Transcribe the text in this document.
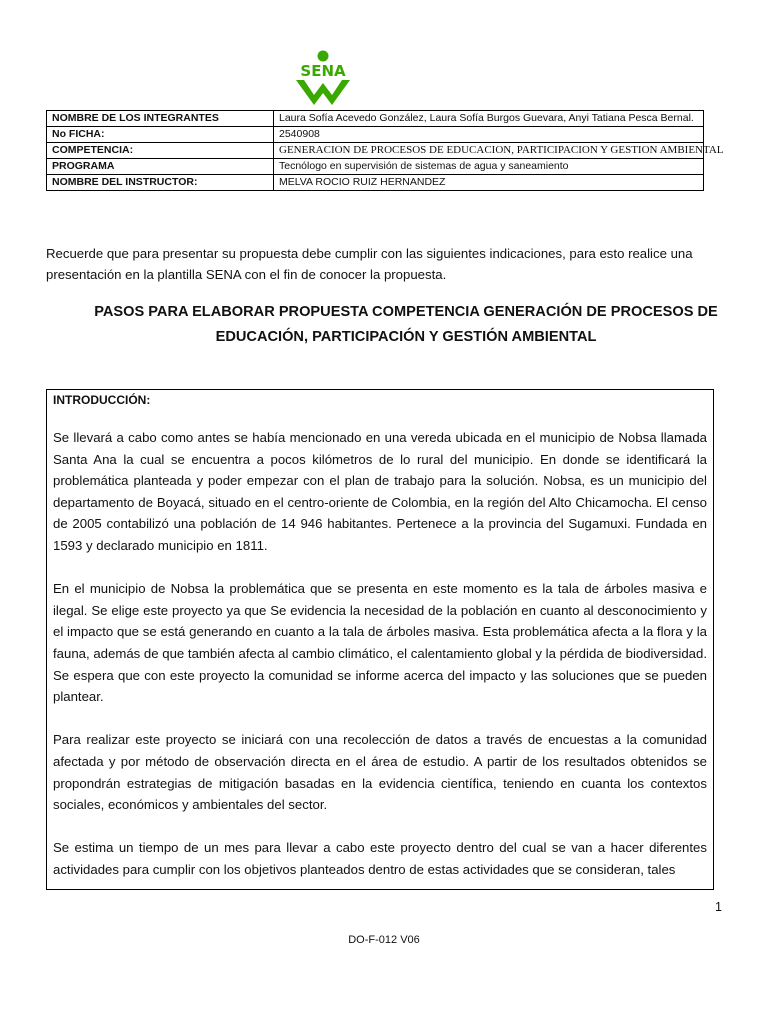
SENA
NOMBRE DE LOS INTEGRANTES	Laura Sofía Acevedo González, Laura Sofía Burgos Guevara, Anyi Tatiana Pesca Bernal.
No FICHA:	2540908
COMPETENCIA:	GENERACION DE PROCESOS DE EDUCACION, PARTICIPACION Y GESTION AMBIENTAL
PROGRAMA	Tecnólogo en supervisión de sistemas de agua y saneamiento
NOMBRE DEL INSTRUCTOR:	MELVA ROCIO RUIZ HERNANDEZ

Recuerde que para presentar su propuesta debe cumplir con las siguientes indicaciones, para esto realice una presentación en la plantilla SENA con el fin de conocer la propuesta.

PASOS PARA ELABORAR PROPUESTA COMPETENCIA GENERACIÓN DE PROCESOS DE EDUCACIÓN, PARTICIPACIÓN Y GESTIÓN AMBIENTAL
INTRODUCCIÓN:

Se llevará a cabo como antes se había mencionado en una vereda ubicada en el municipio de Nobsa llamada Santa Ana la cual se encuentra a pocos kilómetros de lo rural del municipio. En donde se identificará la problemática planteada y poder empezar con el plan de trabajo para la solución. Nobsa, es un municipio del departamento de Boyacá, situado en el centro-oriente de Colombia, en la región del Alto Chicamocha. El censo de 2005 contabilizó una población de 14 946 habitantes. Pertenece a la provincia del Sugamuxi. Fundada en 1593 y declarado municipio en 1811.

En el municipio de Nobsa la problemática que se presenta en este momento es la tala de árboles masiva e ilegal. Se elige este proyecto ya que Se evidencia la necesidad de la población en cuanto al desconocimiento y el impacto que se está generando en cuanto a la tala de árboles masiva. Esta problemática afecta a la flora y la fauna, además de que también afecta al cambio climático, el calentamiento global y la pérdida de biodiversidad. Se espera que con este proyecto la comunidad se informe acerca del impacto y las soluciones que se pueden plantear.

Para realizar este proyecto se iniciará con una recolección de datos a través de encuestas a la comunidad afectada y por método de observación directa en el área de estudio. A partir de los resultados obtenidos se propondrán estrategias de mitigación basadas en la evidencia científica, teniendo en cuanta los contextos sociales, económicos y ambientales del sector.

Se estima un tiempo de un mes para llevar a cabo este proyecto dentro del cual se van a hacer diferentes actividades para cumplir con los objetivos planteados dentro de estas actividades que se consideran, tales

1
DO-F-012 V06
